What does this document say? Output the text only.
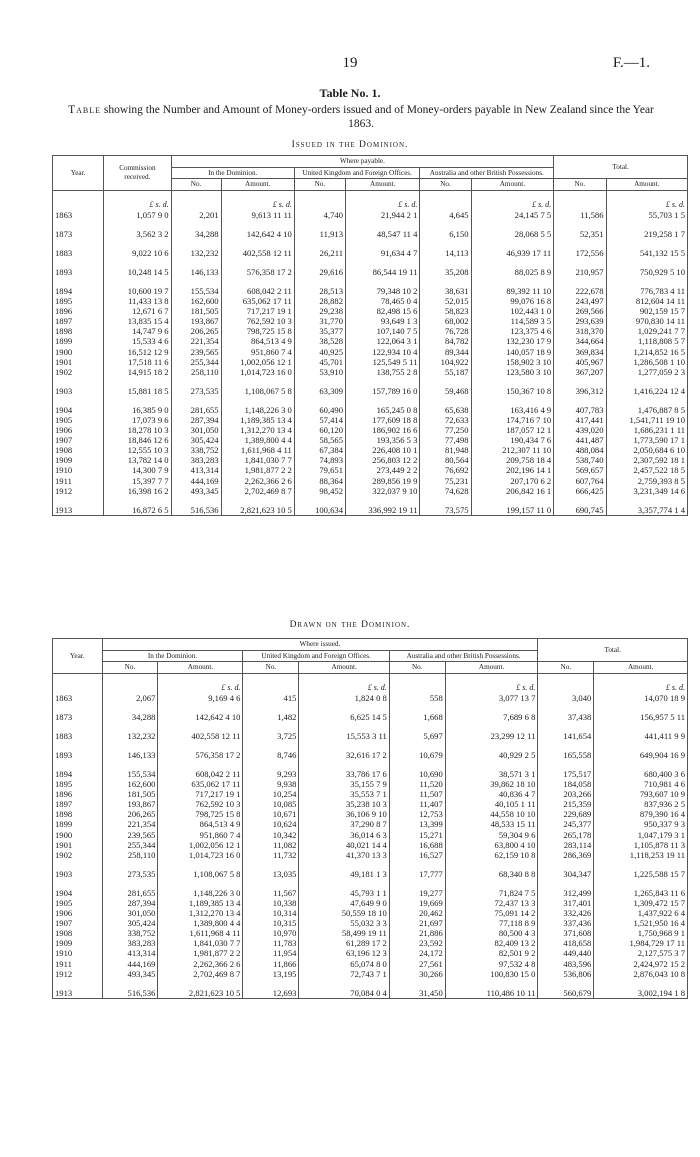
19	F.—1.
Table No. 1.
Table showing the Number and Amount of Money-orders issued and of Money-orders payable in New Zealand since the Year 1863.
Issued in the Dominion.
Year.	Commission received.	Where payable.						Total.	
		In the Dominion.		United Kingdom and Foreign Offices.		Australia and other British Possessions.			
		No.	Amount.	No.	Amount.	No.	Amount.	No.	Amount.

	£ s. d.		£ s. d.		£ s. d.		£ s. d.		£ s. d.
1863	1,057 9 0	2,201	9,613 11 11	4,740	21,944 2 1	4,645	24,145 7 5	11,586	55,703 1 5

1873	3,562 3 2	34,288	142,642 4 10	11,913	48,547 11 4	6,150	28,068 5 5	52,351	219,258 1 7

1883	9,022 10 6	132,232	402,558 12 11	26,211	91,634 4 7	14,113	46,939 17 11	172,556	541,132 15 5

1893	10,248 14 5	146,133	576,358 17 2	29,616	86,544 19 11	35,208	88,025 8 9	210,957	750,929 5 10

1894	10,600 19 7	155,534	608,042 2 11	28,513	79,348 10 2	38,631	89,392 11 10	222,678	776,783 4 11
1895	11,433 13 8	162,600	635,062 17 11	28,882	78,465 0 4	52,015	99,076 16 8	243,497	812,604 14 11
1896	12,671 6 7	181,505	717,217 19 1	29,238	82,498 15 6	58,823	102,443 1 0	269,566	902,159 15 7
1897	13,835 15 4	193,867	762,592 10 3	31,770	93,649 1 3	68,002	114,589 3 5	293,639	970,830 14 11
1898	14,747 9 6	206,265	798,725 15 8	35,377	107,140 7 5	76,728	123,375 4 6	318,370	1,029,241 7 7
1899	15,533 4 6	221,354	864,513 4 9	38,528	122,064 3 1	84,782	132,230 17 9	344,664	1,118,808 5 7
1900	16,512 12 9	239,565	951,860 7 4	40,925	122,934 10 4	89,344	140,057 18 9	369,834	1,214,852 16 5
1901	17,518 11 6	255,344	1,002,056 12 1	45,701	125,549 5 11	104,922	158,902 3 10	405,967	1,286,508 1 10
1902	14,915 18 2	258,110	1,014,723 16 0	53,910	138,755 2 8	55,187	123,580 3 10	367,207	1,277,059 2 3

1903	15,881 18 5	273,535	1,108,067 5 8	63,309	157,789 16 0	59,468	150,367 10 8	396,312	1,416,224 12 4

1904	16,385 9 0	281,655	1,148,226 3 0	60,490	165,245 0 8	65,638	163,416 4 9	407,783	1,476,887 8 5
1905	17,073 9 6	287,394	1,189,385 13 4	57,414	177,609 18 8	72,633	174,716 7 10	417,441	1,541,711 19 10
1906	18,278 10 3	301,050	1,312,270 13 4	60,120	186,902 16 6	77,250	187,057 12 1	439,020	1,686,231 1 11
1907	18,846 12 6	305,424	1,389,800 4 4	58,565	193,356 5 3	77,498	190,434 7 6	441,487	1,773,590 17 1
1908	12,555 10 3	338,752	1,611,968 4 11	67,384	226,408 10 1	81,948	212,307 11 10	488,084	2,050,684 6 10
1909	13,782 14 0	383,283	1,841,030 7 7	74,893	256,803 12 2	80,564	209,758 18 4	538,740	2,307,592 18 1
1910	14,300 7 9	413,314	1,981,877 2 2	79,651	273,449 2 2	76,692	202,196 14 1	569,657	2,457,522 18 5
1911	15,397 7 7	444,169	2,262,366 2 6	88,364	289,856 19 9	75,231	207,170 6 2	607,764	2,759,393 8 5
1912	16,398 16 2	493,345	2,702,469 8 7	98,452	322,037 9 10	74,628	206,842 16 1	666,425	3,231,349 14 6

1913	16,872 6 5	516,536	2,821,623 10 5	100,634	336,992 19 11	73,575	199,157 11 0	690,745	3,357,774 1 4
Drawn on the Dominion.
Year.	Where issued.						Total.	
	In the Dominion.		United Kingdom and Foreign Offices.		Australia and other British Possessions.			
	No.	Amount.	No.	Amount.	No.	Amount.	No.	Amount.

		£ s. d.		£ s. d.		£ s. d.		£ s. d.
1863	2,067	9,169 4 6	415	1,824 0 8	558	3,077 13 7	3,040	14,070 18 9

1873	34,288	142,642 4 10	1,482	6,625 14 5	1,668	7,689 6 8	37,438	156,957 5 11

1883	132,232	402,558 12 11	3,725	15,553 3 11	5,697	23,299 12 11	141,654	441,411 9 9

1893	146,133	576,358 17 2	8,746	32,616 17 2	10,679	40,929 2 5	165,558	649,904 16 9

1894	155,534	608,042 2 11	9,293	33,786 17 6	10,690	38,571 3 1	175,517	680,400 3 6
1895	162,600	635,062 17 11	9,938	35,155 7 9	11,520	39,862 18 10	184,058	710,981 4 6
1896	181,505	717,217 19 1	10,254	35,553 7 1	11,507	40,836 4 7	203,266	793,607 10 9
1897	193,867	762,592 10 3	10,085	35,238 10 3	11,407	40,105 1 11	215,359	837,936 2 5
1898	206,265	798,725 15 8	10,671	36,106 9 10	12,753	44,558 10 10	229,689	879,390 16 4
1899	221,354	864,513 4 9	10,624	37,290 8 7	13,399	48,533 15 11	245,377	950,337 9 3
1900	239,565	951,860 7 4	10,342	36,014 6 3	15,271	59,304 9 6	265,178	1,047,179 3 1
1901	255,344	1,002,056 12 1	11,082	40,021 14 4	16,688	63,800 4 10	283,114	1,105,878 11 3
1902	258,110	1,014,723 16 0	11,732	41,370 13 3	16,527	62,159 10 8	286,369	1,118,253 19 11

1903	273,535	1,108,067 5 8	13,035	49,181 1 3	17,777	68,340 8 8	304,347	1,225,588 15 7

1904	281,655	1,148,226 3 0	11,567	45,793 1 1	19,277	71,824 7 5	312,499	1,265,843 11 6
1905	287,394	1,189,385 13 4	10,338	47,649 9 0	19,669	72,437 13 3	317,401	1,309,472 15 7
1906	301,050	1,312,270 13 4	10,314	50,559 18 10	20,462	75,091 14 2	332,426	1,437,922 6 4
1907	305,424	1,389,800 4 4	10,315	55,032 3 3	21,697	77,118 8 9	337,436	1,521,950 16 4
1908	338,752	1,611,968 4 11	10,970	58,499 19 11	21,886	80,500 4 3	371,608	1,750,968 9 1
1909	383,283	1,841,030 7 7	11,783	61,289 17 2	23,592	82,409 13 2	418,658	1,984,729 17 11
1910	413,314	1,981,877 2 2	11,954	63,196 12 3	24,172	82,501 9 2	449,440	2,127,575 3 7
1911	444,169	2,262,366 2 6	11,866	65,074 8 0	27,561	97,532 4 8	483,596	2,424,972 15 2
1912	493,345	2,702,469 8 7	13,195	72,743 7 1	30,266	100,830 15 0	536,806	2,876,043 10 8

1913	516,536	2,821,623 10 5	12,693	70,084 0 4	31,450	110,486 10 11	560,679	3,002,194 1 8
